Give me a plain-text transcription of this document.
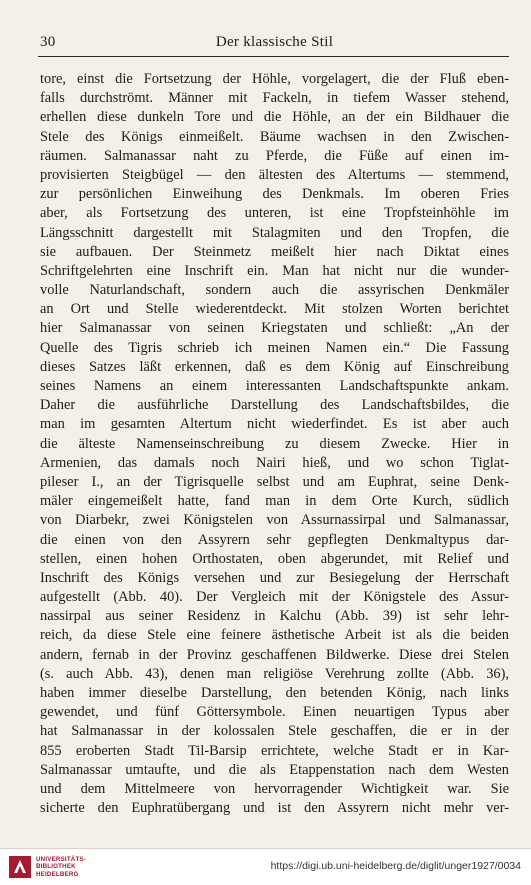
30	Der klassische Stil
tore, einst die Fortsetzung der Höhle, vorgelagert, die der Fluß eben-
falls durchströmt. Männer mit Fackeln, in tiefem Wasser stehend,
erhellen diese dunkeln Tore und die Höhle, an der ein Bildhauer die
Stele des Königs einmeißelt. Bäume wachsen in den Zwischen-
räumen. Salmanassar naht zu Pferde, die Füße auf einen im-
provisierten Steigbügel — den ältesten des Altertums — stemmend,
zur persönlichen Einweihung des Denkmals. Im oberen Fries
aber, als Fortsetzung des unteren, ist eine Tropfsteinhöhle im
Längsschnitt dargestellt mit Stalagmiten und den Tropfen, die
sie aufbauen. Der Steinmetz meißelt hier nach Diktat eines
Schriftgelehrten eine Inschrift ein. Man hat nicht nur die wunder-
volle Naturlandschaft, sondern auch die assyrischen Denkmäler
an Ort und Stelle wiederentdeckt. Mit stolzen Worten berichtet
hier Salmanassar von seinen Kriegstaten und schließt: „An der
Quelle des Tigris schrieb ich meinen Namen ein.“ Die Fassung
dieses Satzes läßt erkennen, daß es dem König auf Einschreibung
seines Namens an einem interessanten Landschaftspunkte ankam.
Daher die ausführliche Darstellung des Landschaftsbildes, die
man im gesamten Altertum nicht wiederfindet. Es ist aber auch
die älteste Namenseinschreibung zu diesem Zwecke. Hier in
Armenien, das damals noch Nairi hieß, und wo schon Tiglat-
pileser I., an der Tigrisquelle selbst und am Euphrat, seine Denk-
mäler eingemeißelt hatte, fand man in dem Orte Kurch, südlich
von Diarbekr, zwei Königstelen von Assurnassirpal und Salmanassar,
die einen von den Assyrern sehr gepflegten Denkmaltypus dar-
stellen, einen hohen Orthostaten, oben abgerundet, mit Relief und
Inschrift des Königs versehen und zur Besiegelung der Herrschaft
aufgestellt (Abb. 40). Der Vergleich mit der Königstele des Assur-
nassirpal aus seiner Residenz in Kalchu (Abb. 39) ist sehr lehr-
reich, da diese Stele eine feinere ästhetische Arbeit ist als die beiden
andern, fernab in der Provinz geschaffenen Bildwerke. Diese drei Stelen
(s. auch Abb. 43), denen man religiöse Verehrung zollte (Abb. 36),
haben immer dieselbe Darstellung, den betenden König, nach links
gewendet, und fünf Göttersymbole. Einen neuartigen Typus aber
hat Salmanassar in der kolossalen Stele geschaffen, die er in der
855 eroberten Stadt Til-Barsip errichtete, welche Stadt er in Kar-
Salmanassar umtaufte, und die als Etappenstation nach dem Westen
und dem Mittelmeere von hervorragender Wichtigkeit war. Sie
sicherte den Euphratübergang und ist den Assyrern nicht mehr ver-
UNIVERSITÄTS-
BIBLIOTHEK
HEIDELBERG
https://digi.ub.uni-heidelberg.de/diglit/unger1927/0034
